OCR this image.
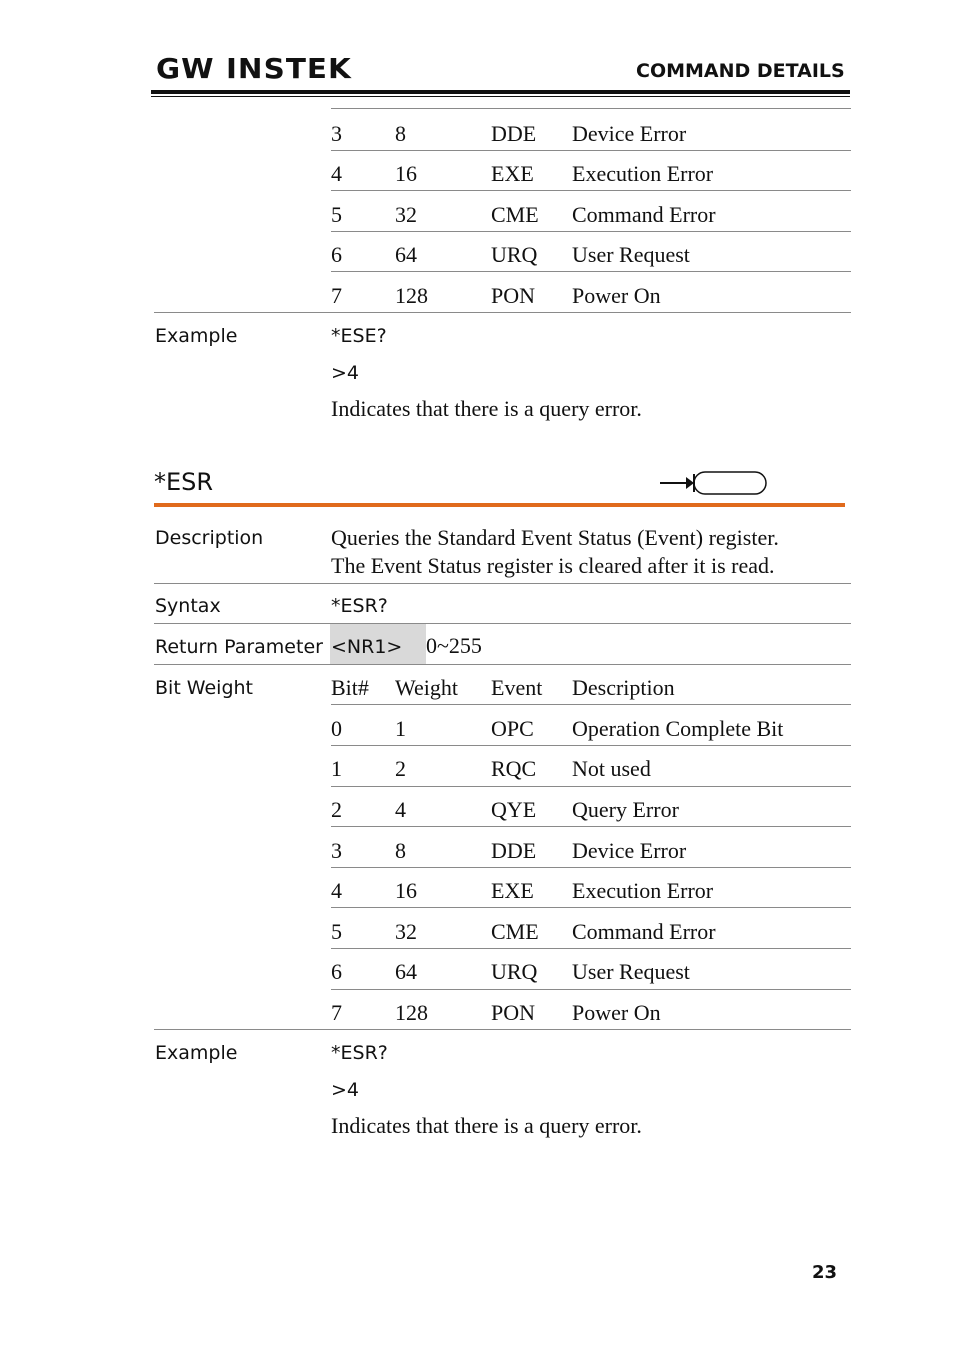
GW INSTEK	COMMAND DETAILS
3 8	DDE Device Error
4 16	EXE Execution Error
5 32	CME Command Error
6 64	URQ User Request
7 128	PON Power On
Example	*ESE?
>4
Indicates that there is a query error.
*ESR
Description	Queries the Standard Event Status (Event) register.
The Event Status register is cleared after it is read.
Syntax	*ESR?
Return Parameter <NR1> 0~255
Bit Weight	Bit# Weight Event Description
0 1	OPC Operation Complete Bit
1 2	RQC Not used
2 4	QYE Query Error
3 8	DDE Device Error
4 16	EXE Execution Error
5 32	CME Command Error
6 64	URQ User Request
7 128	PON Power On
Example	*ESR?
>4
Indicates that there is a query error.
23
